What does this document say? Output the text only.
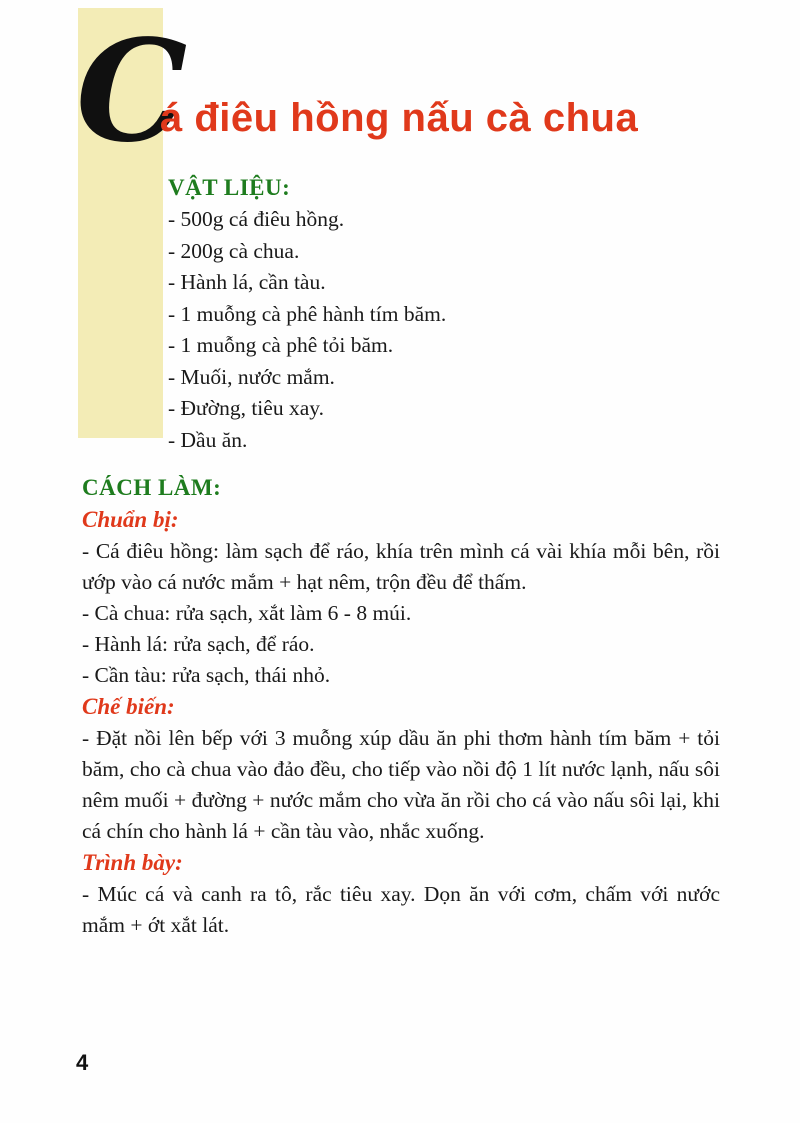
C
á điêu hồng nấu cà chua
VẬT LIỆU:
- 500g cá điêu hồng.
- 200g cà chua.
- Hành lá, cần tàu.
- 1 muỗng cà phê hành tím băm.
- 1 muỗng cà phê tỏi băm.
- Muối, nước mắm.
- Đường, tiêu xay.
- Dầu ăn.
CÁCH LÀM:
Chuẩn bị:

- Cá điêu hồng: làm sạch để ráo, khía trên mình cá vài khía mỗi bên, rồi ướp vào cá nước mắm + hạt nêm, trộn đều để thấm.

- Cà chua: rửa sạch, xắt làm 6 - 8 múi.

- Hành lá: rửa sạch, để ráo.

- Cần tàu: rửa sạch, thái nhỏ.

Chế biến:

- Đặt nồi lên bếp với 3 muỗng xúp dầu ăn phi thơm hành tím băm + tỏi băm, cho cà chua vào đảo đều, cho tiếp vào nồi độ 1 lít nước lạnh, nấu sôi nêm muối + đường + nước mắm cho vừa ăn rồi cho cá vào nấu sôi lại, khi cá chín cho hành lá + cần tàu vào, nhắc xuống.

Trình bày:

- Múc cá và canh ra tô, rắc tiêu xay. Dọn ăn với cơm, chấm với nước mắm + ớt xắt lát.

4
